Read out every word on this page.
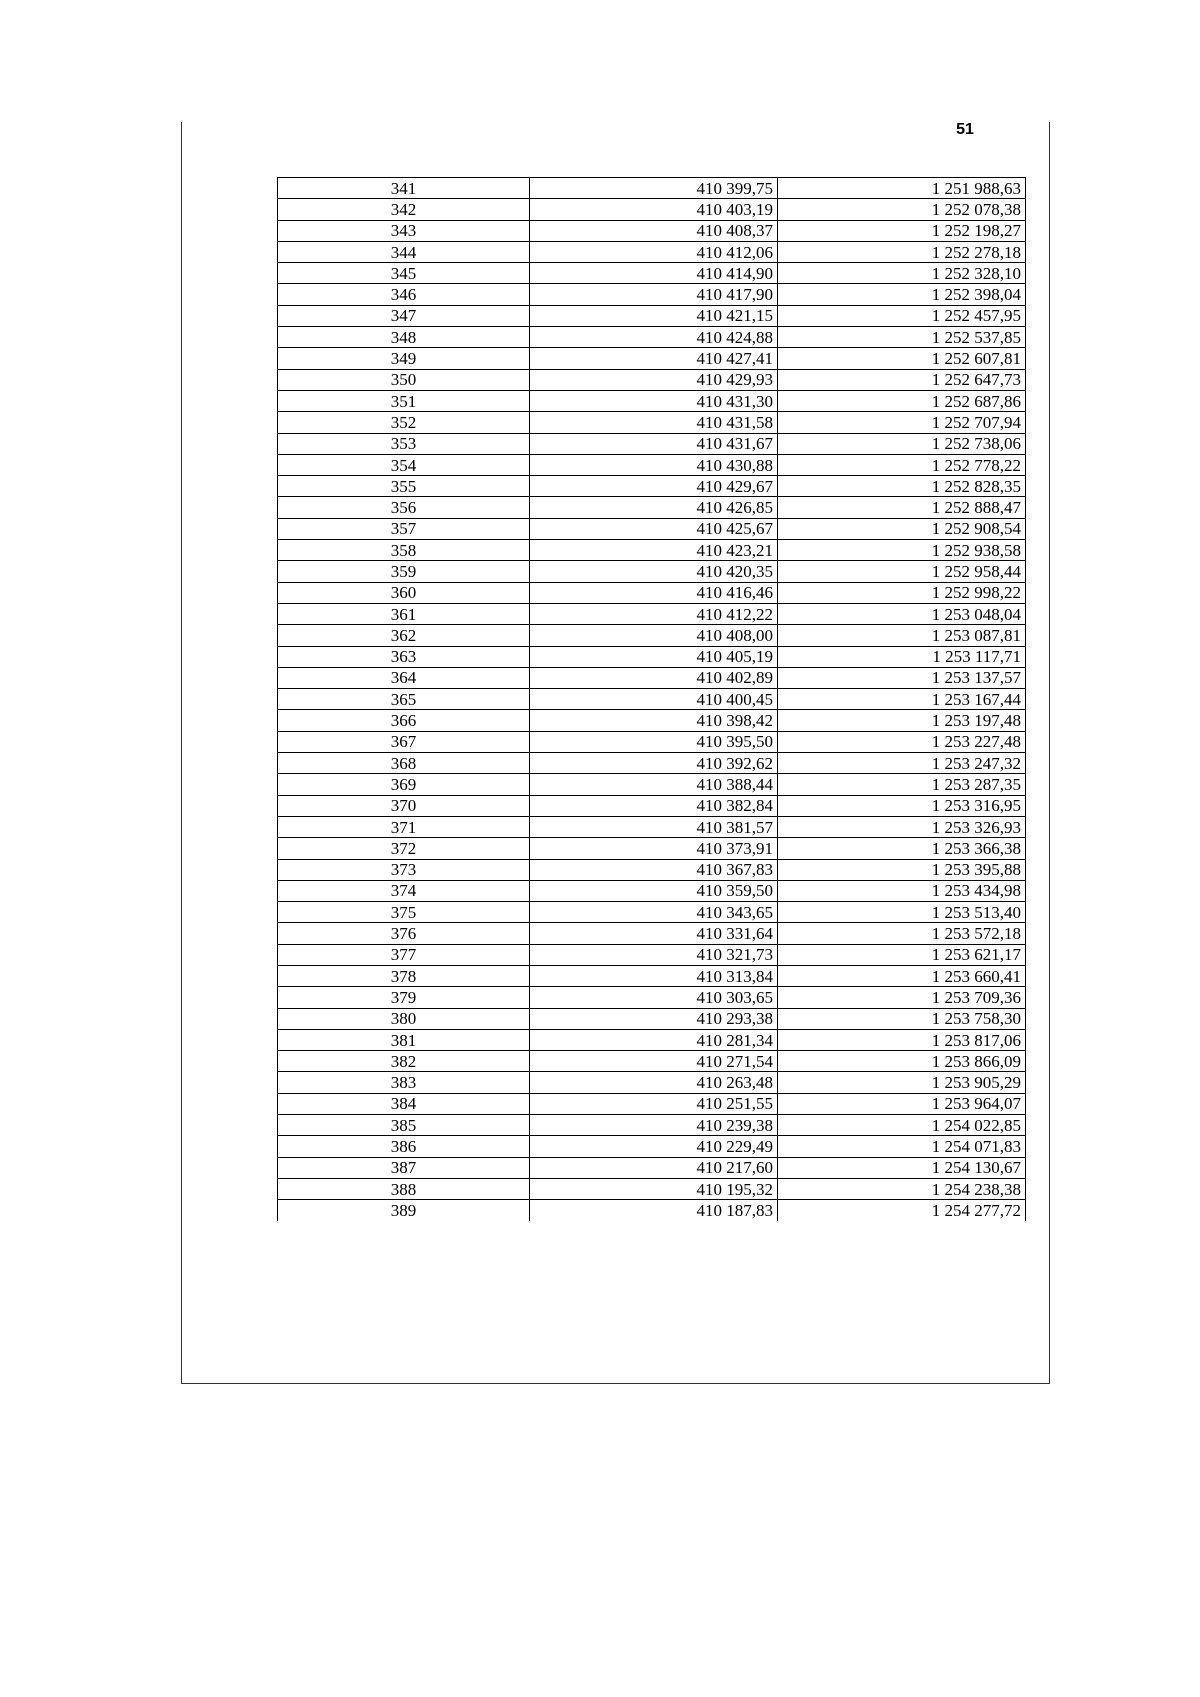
51
341	410 399,75	1 251 988,63
342	410 403,19	1 252 078,38
343	410 408,37	1 252 198,27
344	410 412,06	1 252 278,18
345	410 414,90	1 252 328,10
346	410 417,90	1 252 398,04
347	410 421,15	1 252 457,95
348	410 424,88	1 252 537,85
349	410 427,41	1 252 607,81
350	410 429,93	1 252 647,73
351	410 431,30	1 252 687,86
352	410 431,58	1 252 707,94
353	410 431,67	1 252 738,06
354	410 430,88	1 252 778,22
355	410 429,67	1 252 828,35
356	410 426,85	1 252 888,47
357	410 425,67	1 252 908,54
358	410 423,21	1 252 938,58
359	410 420,35	1 252 958,44
360	410 416,46	1 252 998,22
361	410 412,22	1 253 048,04
362	410 408,00	1 253 087,81
363	410 405,19	1 253 117,71
364	410 402,89	1 253 137,57
365	410 400,45	1 253 167,44
366	410 398,42	1 253 197,48
367	410 395,50	1 253 227,48
368	410 392,62	1 253 247,32
369	410 388,44	1 253 287,35
370	410 382,84	1 253 316,95
371	410 381,57	1 253 326,93
372	410 373,91	1 253 366,38
373	410 367,83	1 253 395,88
374	410 359,50	1 253 434,98
375	410 343,65	1 253 513,40
376	410 331,64	1 253 572,18
377	410 321,73	1 253 621,17
378	410 313,84	1 253 660,41
379	410 303,65	1 253 709,36
380	410 293,38	1 253 758,30
381	410 281,34	1 253 817,06
382	410 271,54	1 253 866,09
383	410 263,48	1 253 905,29
384	410 251,55	1 253 964,07
385	410 239,38	1 254 022,85
386	410 229,49	1 254 071,83
387	410 217,60	1 254 130,67
388	410 195,32	1 254 238,38
389	410 187,83	1 254 277,72
